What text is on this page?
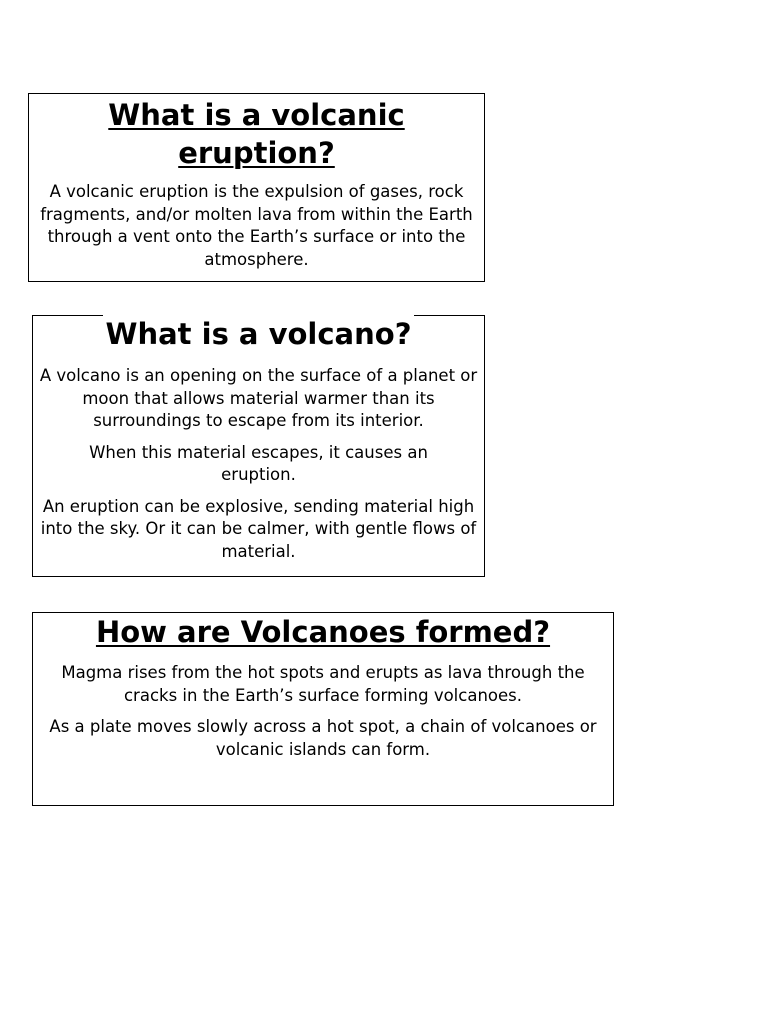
What is a volcanic eruption?

A volcanic eruption is the expulsion of gases, rock fragments, and/or molten lava from within the Earth through a vent onto the Earth’s surface or into the atmosphere.

What is a volcano?

A volcano is an opening on the surface of a planet or moon that allows material warmer than its surroundings to escape from its interior.

When this material escapes, it causes an eruption.

An eruption can be explosive, sending material high into the sky. Or it can be calmer, with gentle flows of material.

How are Volcanoes formed?

Magma rises from the hot spots and erupts as lava through the cracks in the Earth’s surface forming volcanoes.

As a plate moves slowly across a hot spot, a chain of volcanoes or volcanic islands can form.
